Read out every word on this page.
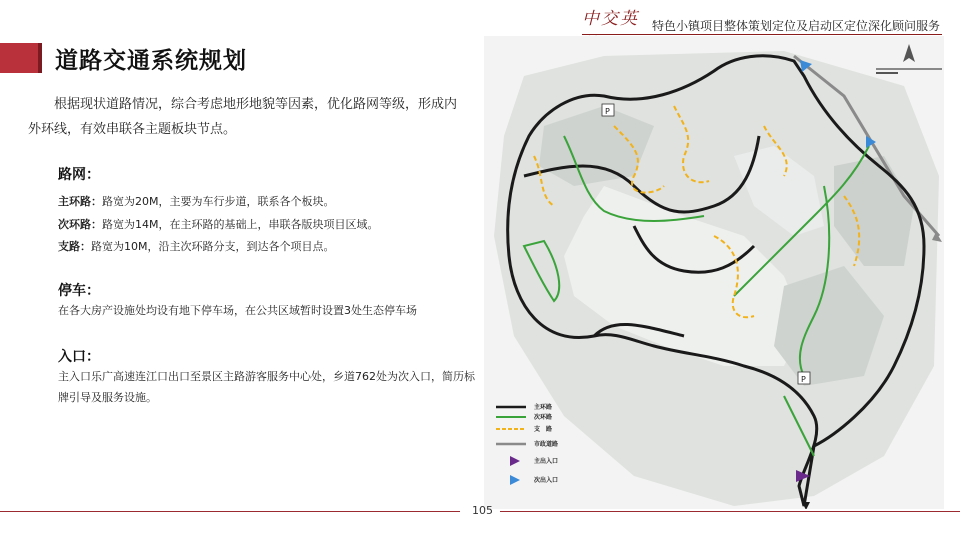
中交英	特色小镇项目整体策划定位及启动区定位深化顾问服务
道路交通系统规划
根据现状道路情况，综合考虑地形地貌等因素，优化路网等级，形成内外环线，有效串联各主题板块节点。
路网：
主环路：路宽为20M，主要为车行步道，联系各个板块。
次环路：路宽为14M，在主环路的基础上，串联各版块项目区域。
支路：路宽为10M，沿主次环路分支，到达各个项目点。
停车：
在各大房产设施处均设有地下停车场，在公共区域暂时设置3处生态停车场
入口：
主入口乐广高速连江口出口至景区主路游客服务中心处，乡道762处为次入口，简历标牌引导及服务设施。
P
P
主环路
次环路
支　路
市政道路
主出入口
次出入口
105
